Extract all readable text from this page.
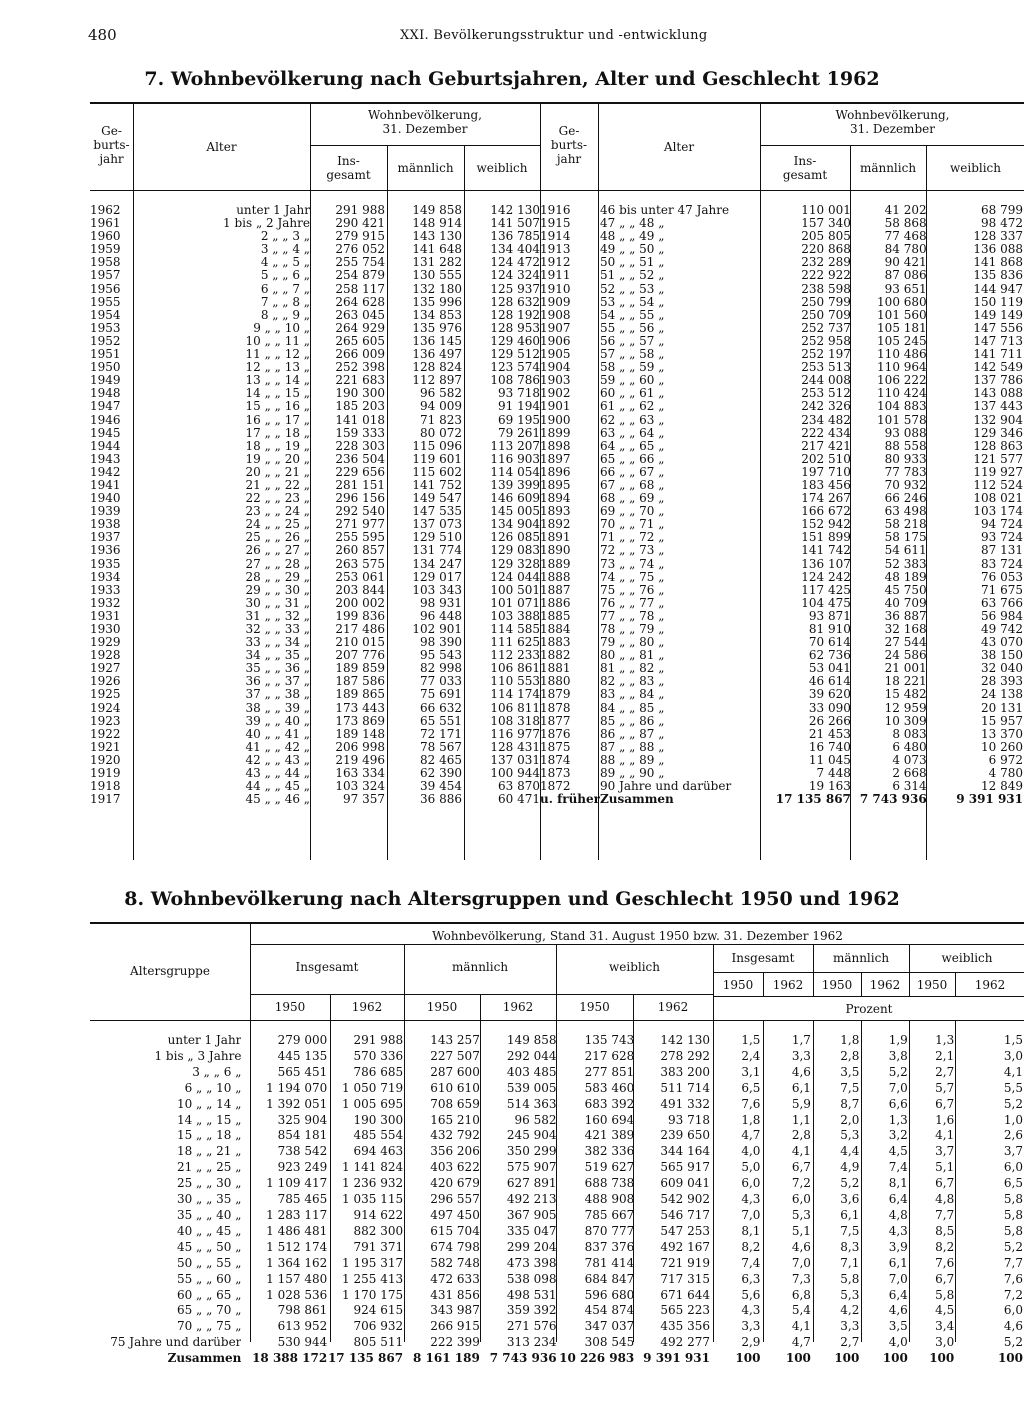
480	XXI. Bevölkerungsstruktur und -entwicklung
7. Wohnbevölkerung nach Geburtsjahren, Alter und Geschlecht 1962
Ge-
burts-
jahr
Alter
Wohnbevölkerung,
31. Dezember
Ins-
gesamt	männlich	weiblich
Ge-
burts-
jahr
Alter
Wohnbevölkerung,
31. Dezember
Ins-
gesamt	männlich	weiblich
1962	unter 1 Jahr	291 988	149 858	142 130
1961	1 bis „ 2 Jahre	290 421	148 914	141 507
1960	2 „ „ 3 „	279 915	143 130	136 785
1959	3 „ „ 4 „	276 052	141 648	134 404
1958	4 „ „ 5 „	255 754	131 282	124 472
1957	5 „ „ 6 „	254 879	130 555	124 324
1956	6 „ „ 7 „	258 117	132 180	125 937
1955	7 „ „ 8 „	264 628	135 996	128 632
1954	8 „ „ 9 „	263 045	134 853	128 192
1953	9 „ „ 10 „	264 929	135 976	128 953
1952	10 „ „ 11 „	265 605	136 145	129 460
1951	11 „ „ 12 „	266 009	136 497	129 512
1950	12 „ „ 13 „	252 398	128 824	123 574
1949	13 „ „ 14 „	221 683	112 897	108 786
1948	14 „ „ 15 „	190 300	96 582	93 718
1947	15 „ „ 16 „	185 203	94 009	91 194
1946	16 „ „ 17 „	141 018	71 823	69 195
1945	17 „ „ 18 „	159 333	80 072	79 261
1944	18 „ „ 19 „	228 303	115 096	113 207
1943	19 „ „ 20 „	236 504	119 601	116 903
1942	20 „ „ 21 „	229 656	115 602	114 054
1941	21 „ „ 22 „	281 151	141 752	139 399
1940	22 „ „ 23 „	296 156	149 547	146 609
1939	23 „ „ 24 „	292 540	147 535	145 005
1938	24 „ „ 25 „	271 977	137 073	134 904
1937	25 „ „ 26 „	255 595	129 510	126 085
1936	26 „ „ 27 „	260 857	131 774	129 083
1935	27 „ „ 28 „	263 575	134 247	129 328
1934	28 „ „ 29 „	253 061	129 017	124 044
1933	29 „ „ 30 „	203 844	103 343	100 501
1932	30 „ „ 31 „	200 002	98 931	101 071
1931	31 „ „ 32 „	199 836	96 448	103 388
1930	32 „ „ 33 „	217 486	102 901	114 585
1929	33 „ „ 34 „	210 015	98 390	111 625
1928	34 „ „ 35 „	207 776	95 543	112 233
1927	35 „ „ 36 „	189 859	82 998	106 861
1926	36 „ „ 37 „	187 586	77 033	110 553
1925	37 „ „ 38 „	189 865	75 691	114 174
1924	38 „ „ 39 „	173 443	66 632	106 811
1923	39 „ „ 40 „	173 869	65 551	108 318
1922	40 „ „ 41 „	189 148	72 171	116 977
1921	41 „ „ 42 „	206 998	78 567	128 431
1920	42 „ „ 43 „	219 496	82 465	137 031
1919	43 „ „ 44 „	163 334	62 390	100 944
1918	44 „ „ 45 „	103 324	39 454	63 870
1917	45 „ „ 46 „	97 357	36 886	60 471
1916	46 bis unter 47 Jahre	110 001	41 202	68 799
1915	47 „ „ 48 „	157 340	58 868	98 472
1914	48 „ „ 49 „	205 805	77 468	128 337
1913	49 „ „ 50 „	220 868	84 780	136 088
1912	50 „ „ 51 „	232 289	90 421	141 868
1911	51 „ „ 52 „	222 922	87 086	135 836
1910	52 „ „ 53 „	238 598	93 651	144 947
1909	53 „ „ 54 „	250 799	100 680	150 119
1908	54 „ „ 55 „	250 709	101 560	149 149
1907	55 „ „ 56 „	252 737	105 181	147 556
1906	56 „ „ 57 „	252 958	105 245	147 713
1905	57 „ „ 58 „	252 197	110 486	141 711
1904	58 „ „ 59 „	253 513	110 964	142 549
1903	59 „ „ 60 „	244 008	106 222	137 786
1902	60 „ „ 61 „	253 512	110 424	143 088
1901	61 „ „ 62 „	242 326	104 883	137 443
1900	62 „ „ 63 „	234 482	101 578	132 904
1899	63 „ „ 64 „	222 434	93 088	129 346
1898	64 „ „ 65 „	217 421	88 558	128 863
1897	65 „ „ 66 „	202 510	80 933	121 577
1896	66 „ „ 67 „	197 710	77 783	119 927
1895	67 „ „ 68 „	183 456	70 932	112 524
1894	68 „ „ 69 „	174 267	66 246	108 021
1893	69 „ „ 70 „	166 672	63 498	103 174
1892	70 „ „ 71 „	152 942	58 218	94 724
1891	71 „ „ 72 „	151 899	58 175	93 724
1890	72 „ „ 73 „	141 742	54 611	87 131
1889	73 „ „ 74 „	136 107	52 383	83 724
1888	74 „ „ 75 „	124 242	48 189	76 053
1887	75 „ „ 76 „	117 425	45 750	71 675
1886	76 „ „ 77 „	104 475	40 709	63 766
1885	77 „ „ 78 „	93 871	36 887	56 984
1884	78 „ „ 79 „	81 910	32 168	49 742
1883	79 „ „ 80 „	70 614	27 544	43 070
1882	80 „ „ 81 „	62 736	24 586	38 150
1881	81 „ „ 82 „	53 041	21 001	32 040
1880	82 „ „ 83 „	46 614	18 221	28 393
1879	83 „ „ 84 „	39 620	15 482	24 138
1878	84 „ „ 85 „	33 090	12 959	20 131
1877	85 „ „ 86 „	26 266	10 309	15 957
1876	86 „ „ 87 „	21 453	8 083	13 370
1875	87 „ „ 88 „	16 740	6 480	10 260
1874	88 „ „ 89 „	11 045	4 073	6 972
1873	89 „ „ 90 „	7 448	2 668	4 780
1872	90 Jahre und darüber	19 163	6 314	12 849
u. früher	Zusammen	17 135 867	7 743 936	9 391 931
8. Wohnbevölkerung nach Altersgruppen und Geschlecht 1950 und 1962
Altersgruppe
Wohnbevölkerung, Stand 31. August 1950 bzw. 31. Dezember 1962
Insgesamt	männlich	weiblich
1950	1962	1950	1962	1950	1962
Insgesamt	männlich	weiblich
1950	1962	1950	1962	1950	1962
Prozent
unter 1 Jahr	279 000	291 988	143 257	149 858	135 743	142 130	1,5	1,7	1,8	1,9	1,3	1,5
1 bis „ 3 Jahre	445 135	570 336	227 507	292 044	217 628	278 292	2,4	3,3	2,8	3,8	2,1	3,0
3 „ „ 6 „	565 451	786 685	287 600	403 485	277 851	383 200	3,1	4,6	3,5	5,2	2,7	4,1
6 „ „ 10 „	1 194 070	1 050 719	610 610	539 005	583 460	511 714	6,5	6,1	7,5	7,0	5,7	5,5
10 „ „ 14 „	1 392 051	1 005 695	708 659	514 363	683 392	491 332	7,6	5,9	8,7	6,6	6,7	5,2
14 „ „ 15 „	325 904	190 300	165 210	96 582	160 694	93 718	1,8	1,1	2,0	1,3	1,6	1,0
15 „ „ 18 „	854 181	485 554	432 792	245 904	421 389	239 650	4,7	2,8	5,3	3,2	4,1	2,6
18 „ „ 21 „	738 542	694 463	356 206	350 299	382 336	344 164	4,0	4,1	4,4	4,5	3,7	3,7
21 „ „ 25 „	923 249	1 141 824	403 622	575 907	519 627	565 917	5,0	6,7	4,9	7,4	5,1	6,0
25 „ „ 30 „	1 109 417	1 236 932	420 679	627 891	688 738	609 041	6,0	7,2	5,2	8,1	6,7	6,5
30 „ „ 35 „	785 465	1 035 115	296 557	492 213	488 908	542 902	4,3	6,0	3,6	6,4	4,8	5,8
35 „ „ 40 „	1 283 117	914 622	497 450	367 905	785 667	546 717	7,0	5,3	6,1	4,8	7,7	5,8
40 „ „ 45 „	1 486 481	882 300	615 704	335 047	870 777	547 253	8,1	5,1	7,5	4,3	8,5	5,8
45 „ „ 50 „	1 512 174	791 371	674 798	299 204	837 376	492 167	8,2	4,6	8,3	3,9	8,2	5,2
50 „ „ 55 „	1 364 162	1 195 317	582 748	473 398	781 414	721 919	7,4	7,0	7,1	6,1	7,6	7,7
55 „ „ 60 „	1 157 480	1 255 413	472 633	538 098	684 847	717 315	6,3	7,3	5,8	7,0	6,7	7,6
60 „ „ 65 „	1 028 536	1 170 175	431 856	498 531	596 680	671 644	5,6	6,8	5,3	6,4	5,8	7,2
65 „ „ 70 „	798 861	924 615	343 987	359 392	454 874	565 223	4,3	5,4	4,2	4,6	4,5	6,0
70 „ „ 75 „	613 952	706 932	266 915	271 576	347 037	435 356	3,3	4,1	3,3	3,5	3,4	4,6
75 Jahre und darüber	530 944	805 511	222 399	313 234	308 545	492 277	2,9	4,7	2,7	4,0	3,0	5,2
Zusammen	18 388 172	17 135 867	8 161 189	7 743 936	10 226 983	9 391 931	100	100	100	100	100	100
